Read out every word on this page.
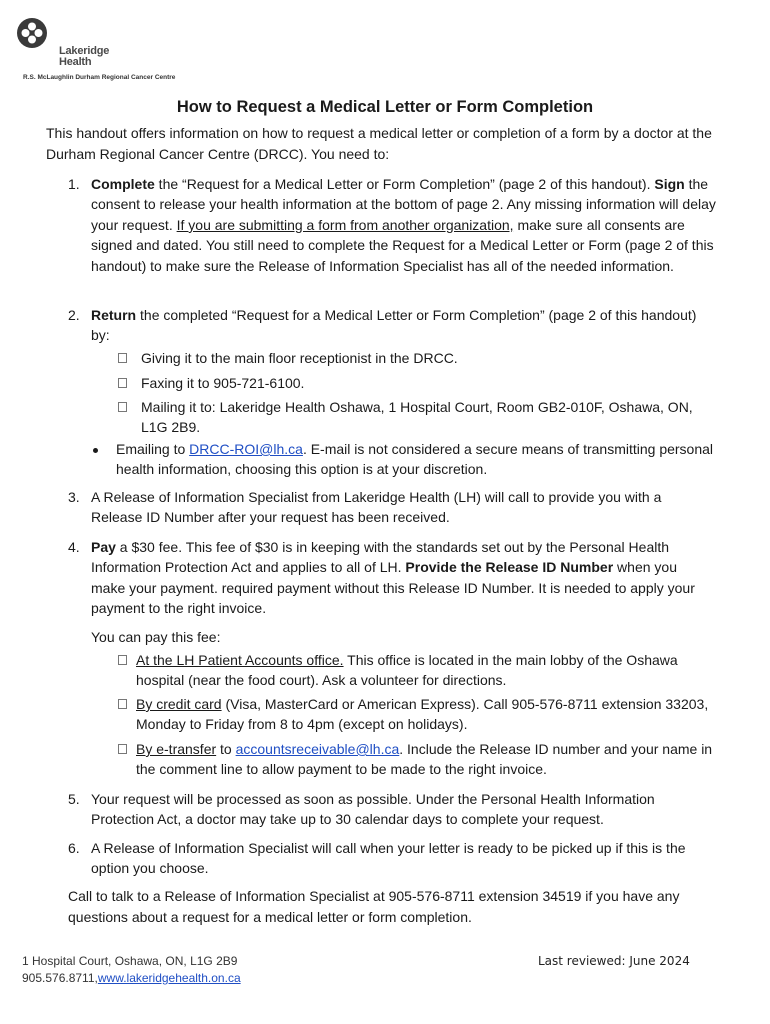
Lakeridge
Health
R.S. McLaughlin Durham Regional Cancer Centre
How to Request a Medical Letter or Form Completion
This handout offers information on how to request a medical letter or completion of a form by a doctor at the Durham Regional Cancer Centre (DRCC). You need to:
1. Complete the “Request for a Medical Letter or Form Completion” (page 2 of this handout). Sign the consent to release your health information at the bottom of page 2. Any missing information will delay your request. If you are submitting a form from another organization, make sure all consents are signed and dated. You still need to complete the Request for a Medical Letter or Form (page 2 of this handout) to make sure the Release of Information Specialist has all of the needed information.
2. Return the completed “Request for a Medical Letter or Form Completion” (page 2 of this handout) by:
Giving it to the main floor receptionist in the DRCC.
Faxing it to 905-721-6100.
Mailing it to: Lakeridge Health Oshawa, 1 Hospital Court, Room GB2-010F, Oshawa, ON, L1G 2B9.
Emailing to DRCC-ROI@lh.ca. E-mail is not considered a secure means of transmitting personal health information, choosing this option is at your discretion.
3. A Release of Information Specialist from Lakeridge Health (LH) will call to provide you with a Release ID Number after your request has been received.
4. Pay a $30 fee. This fee of $30 is in keeping with the standards set out by the Personal Health Information Protection Act and applies to all of LH. Provide the Release ID Number when you make your payment. required payment without this Release ID Number. It is needed to apply your payment to the right invoice.
You can pay this fee:
At the LH Patient Accounts office. This office is located in the main lobby of the Oshawa hospital (near the food court). Ask a volunteer for directions.
By credit card (Visa, MasterCard or American Express). Call 905-576-8711 extension 33203, Monday to Friday from 8 to 4pm (except on holidays).
By e-transfer to accountsreceivable@lh.ca. Include the Release ID number and your name in the comment line to allow payment to be made to the right invoice.
5. Your request will be processed as soon as possible. Under the Personal Health Information Protection Act, a doctor may take up to 30 calendar days to complete your request.
6. A Release of Information Specialist will call when your letter is ready to be picked up if this is the option you choose.
Call to talk to a Release of Information Specialist at 905-576-8711 extension 34519 if you have any questions about a request for a medical letter or form completion.
1 Hospital Court, Oshawa, ON, L1G 2B9
905.576.8711,www.lakeridgehealth.on.ca
Last reviewed: June 2024
